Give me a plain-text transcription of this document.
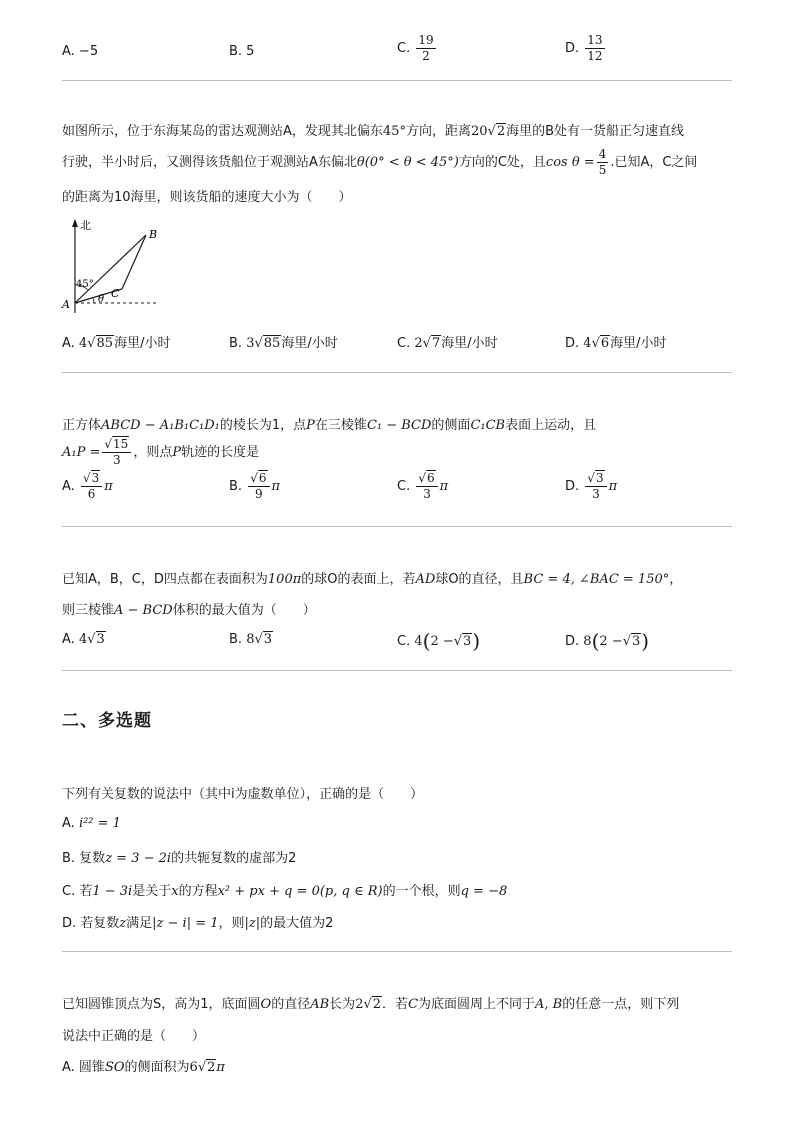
A. −5	B. 5	C. $\frac{19}{2}$	D. $\frac{13}{12}$
如图所示，位于东海某岛的雷达观测站A，发现其北偏东45°方向，距离20√2海里的B处有一货船正匀速直线
行驶，半小时后，又测得该货船位于观测站A东偏北θ(0° < θ < 45°)方向的C处，且$\cos \theta = \frac{4}{5}$ .已知A，C之间
的距离为10海里，则该货船的速度大小为（　　）
北
45°
B
C
A	θ
A. 4√85海里/小时	B. 3√85海里/小时	C. 2√7海里/小时	D. 4√6海里/小时
正方体ABCD − A₁B₁C₁D₁的棱长为1，点P在三棱锥C₁ − BCD的侧面C₁CB表面上运动，且
$A_1P = \frac{√15}{3}$ ，则点P轨迹的长度是
A. $\frac{√3}{6}$ π	B. $\frac{√6}{9}$ π	C. $\frac{√6}{3}$ π	D. $\frac{√3}{3}$ π
已知A，B，C，D四点都在表面积为100π的球O的表面上，若AD球O的直径，且BC = 4, ∠BAC = 150°，
则三棱锥A − BCD体积的最大值为（　　）
A. 4√3	B. 8√3	C. 4(2 −√3)	D. 8(2 −√3)
二、多选题
下列有关复数的说法中（其中i为虚数单位），正确的是（　　）
A. i²² = 1
B. 复数z = 3 − 2i的共轭复数的虚部为2
C. 若1 − 3i是关于x的方程x² + px + q = 0(p, q ∈ R)的一个根，则q = −8
D. 若复数z满足|z − i| = 1，则|z|的最大值为2
已知圆锥顶点为S，高为1，底面圆O的直径AB长为2√2．若C为底面圆周上不同于A, B的任意一点，则下列
说法中正确的是（　　）
A. 圆锥SO的侧面积为6√2π
